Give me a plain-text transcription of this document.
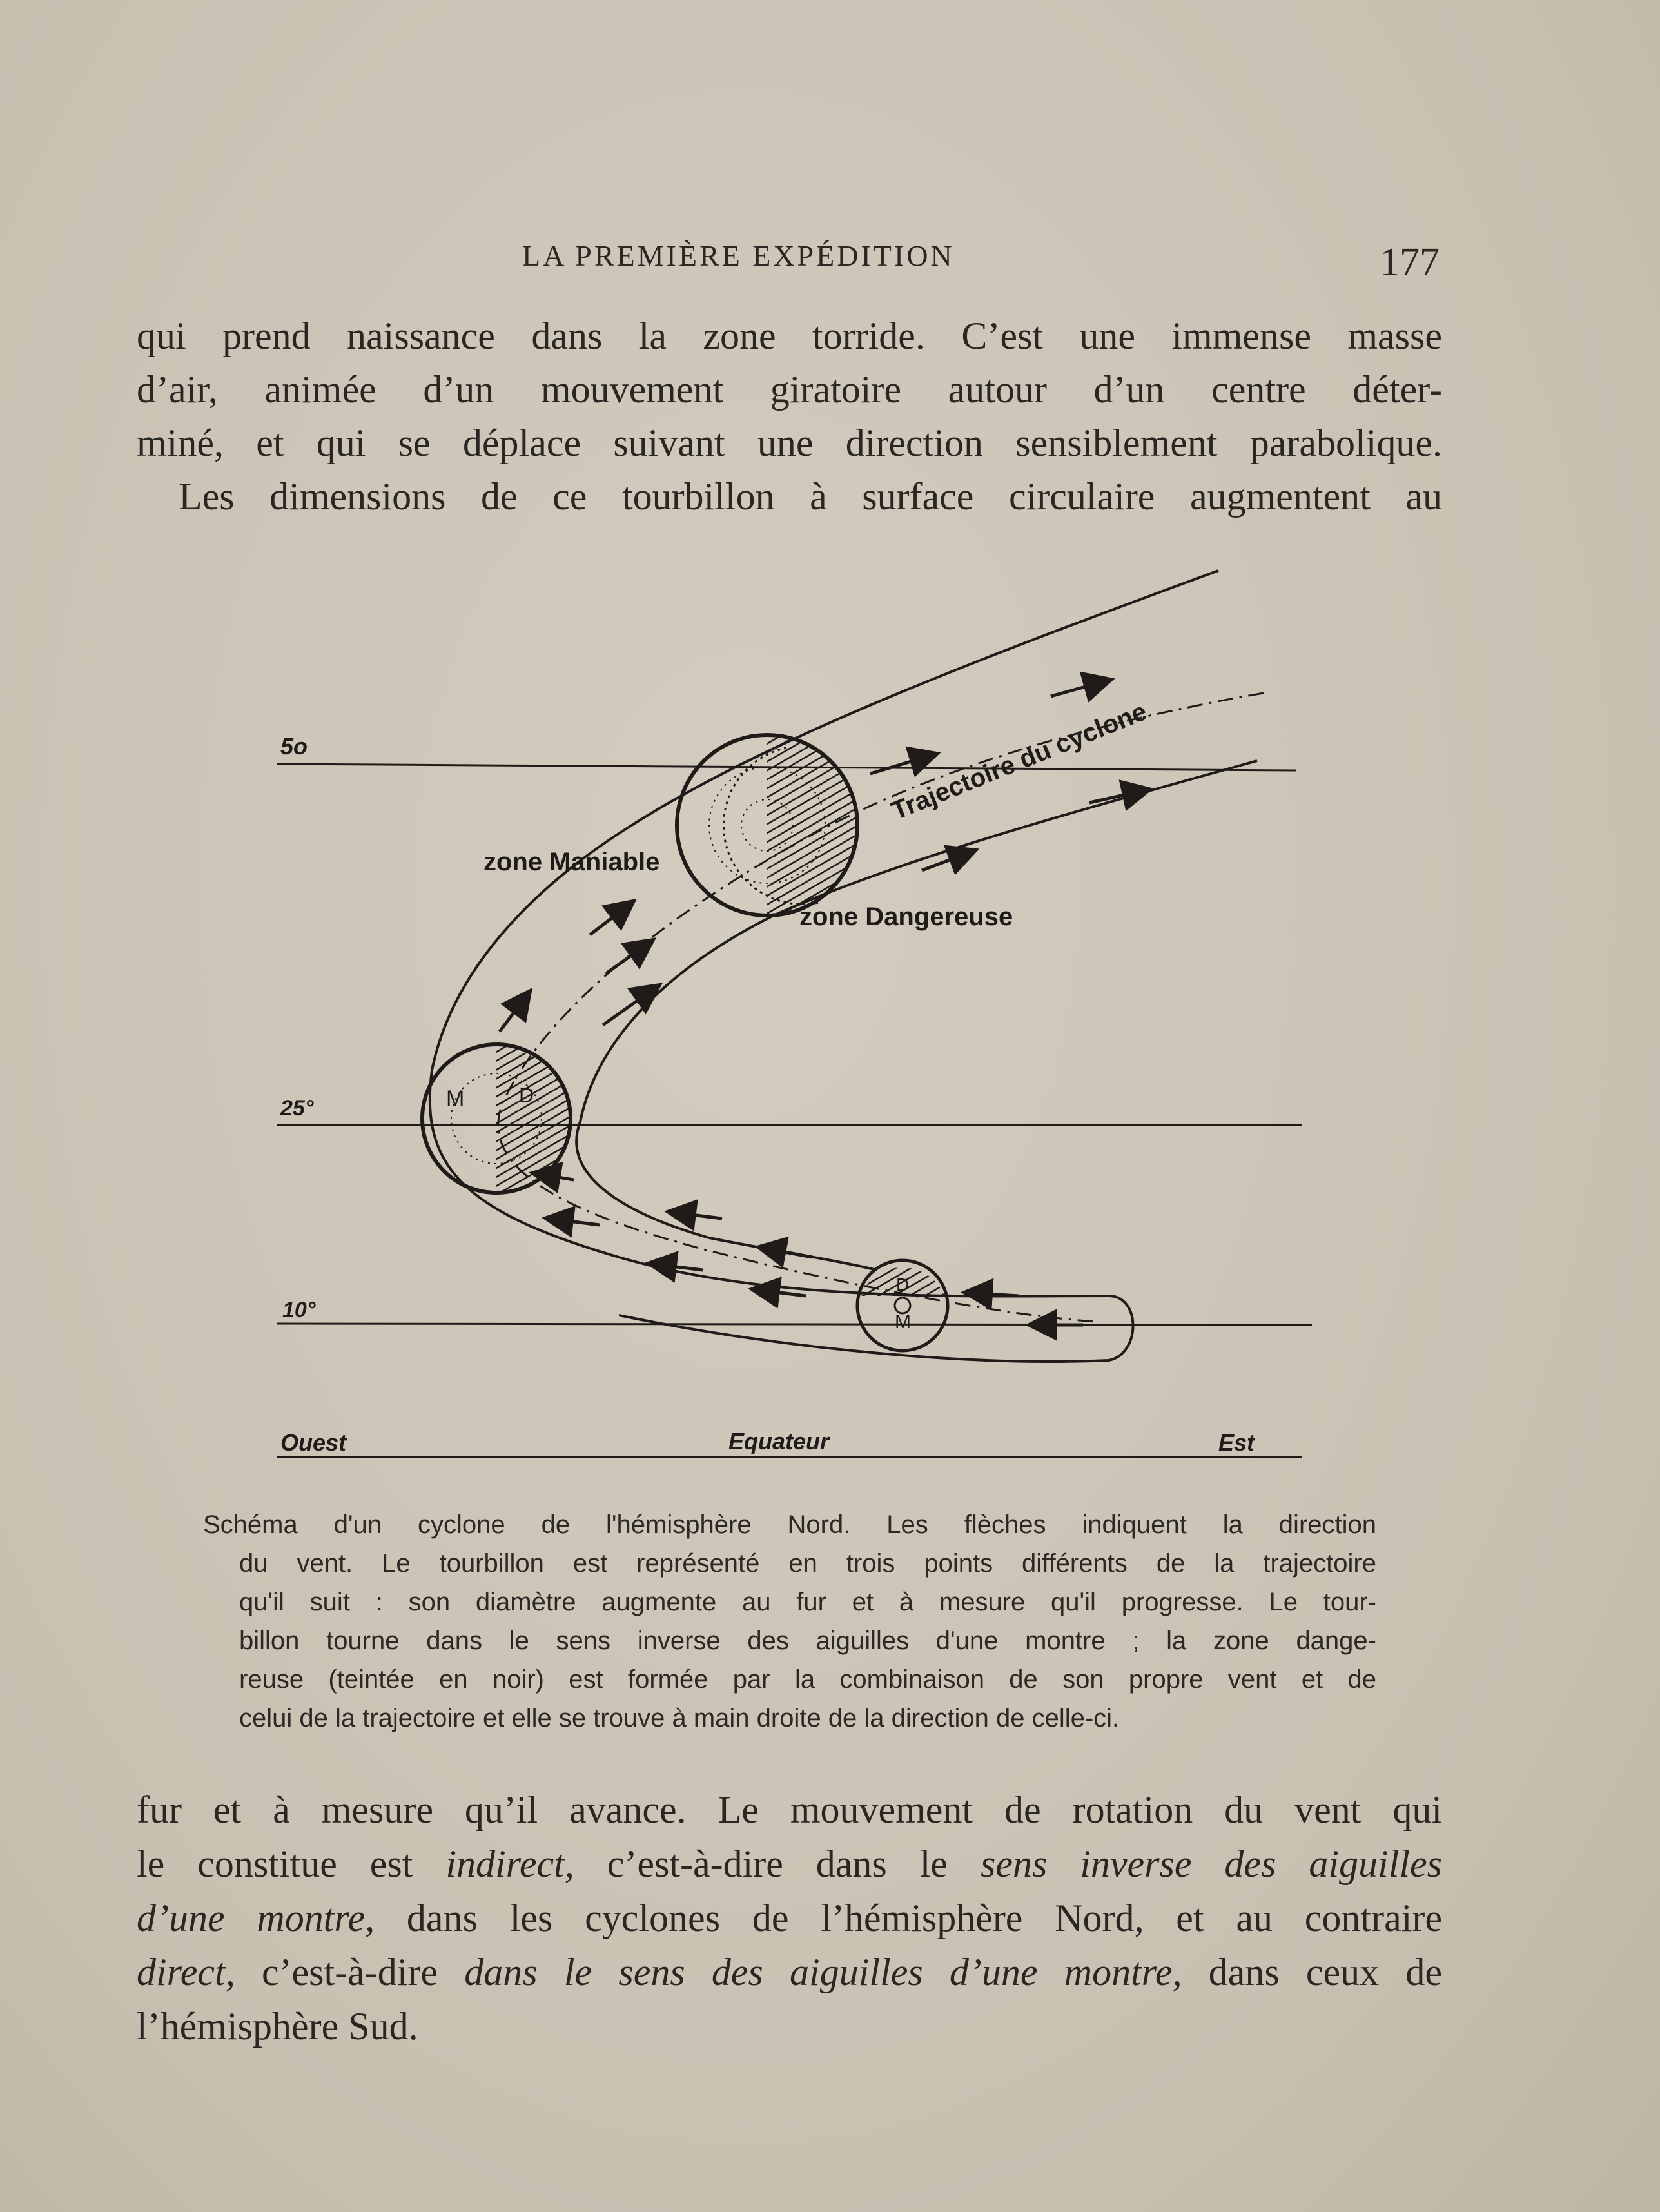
LA PREMIÈRE EXPÉDITION	177
qui prend naissance dans la zone torride. C’est une immense masse
d’air, animée d’un mouvement giratoire autour d’un centre déter-
miné, et qui se déplace suivant une direction sensiblement parabolique.
Les dimensions de ce tourbillon à surface circulaire augmentent au
5o
25°
10°
Ouest	Equateur	Est
M	D
M
D
zone Maniable
zone Dangereuse
Trajectoire du cyclone
Schéma d'un cyclone de l'hémisphère Nord. Les flèches indiquent la direction
du vent. Le tourbillon est représenté en trois points différents de la trajectoire
qu'il suit : son diamètre augmente au fur et à mesure qu'il progresse. Le tour-
billon tourne dans le sens inverse des aiguilles d'une montre ; la zone dange-
reuse (teintée en noir) est formée par la combinaison de son propre vent et de
celui de la trajectoire et elle se trouve à main droite de la direction de celle-ci.
fur et à mesure qu’il avance. Le mouvement de rotation du vent qui
le constitue est indirect, c’est-à-dire dans le sens inverse des aiguilles
d’une montre, dans les cyclones de l’hémisphère Nord, et au contraire
direct, c’est-à-dire dans le sens des aiguilles d’une montre, dans ceux de
l’hémisphère Sud.
